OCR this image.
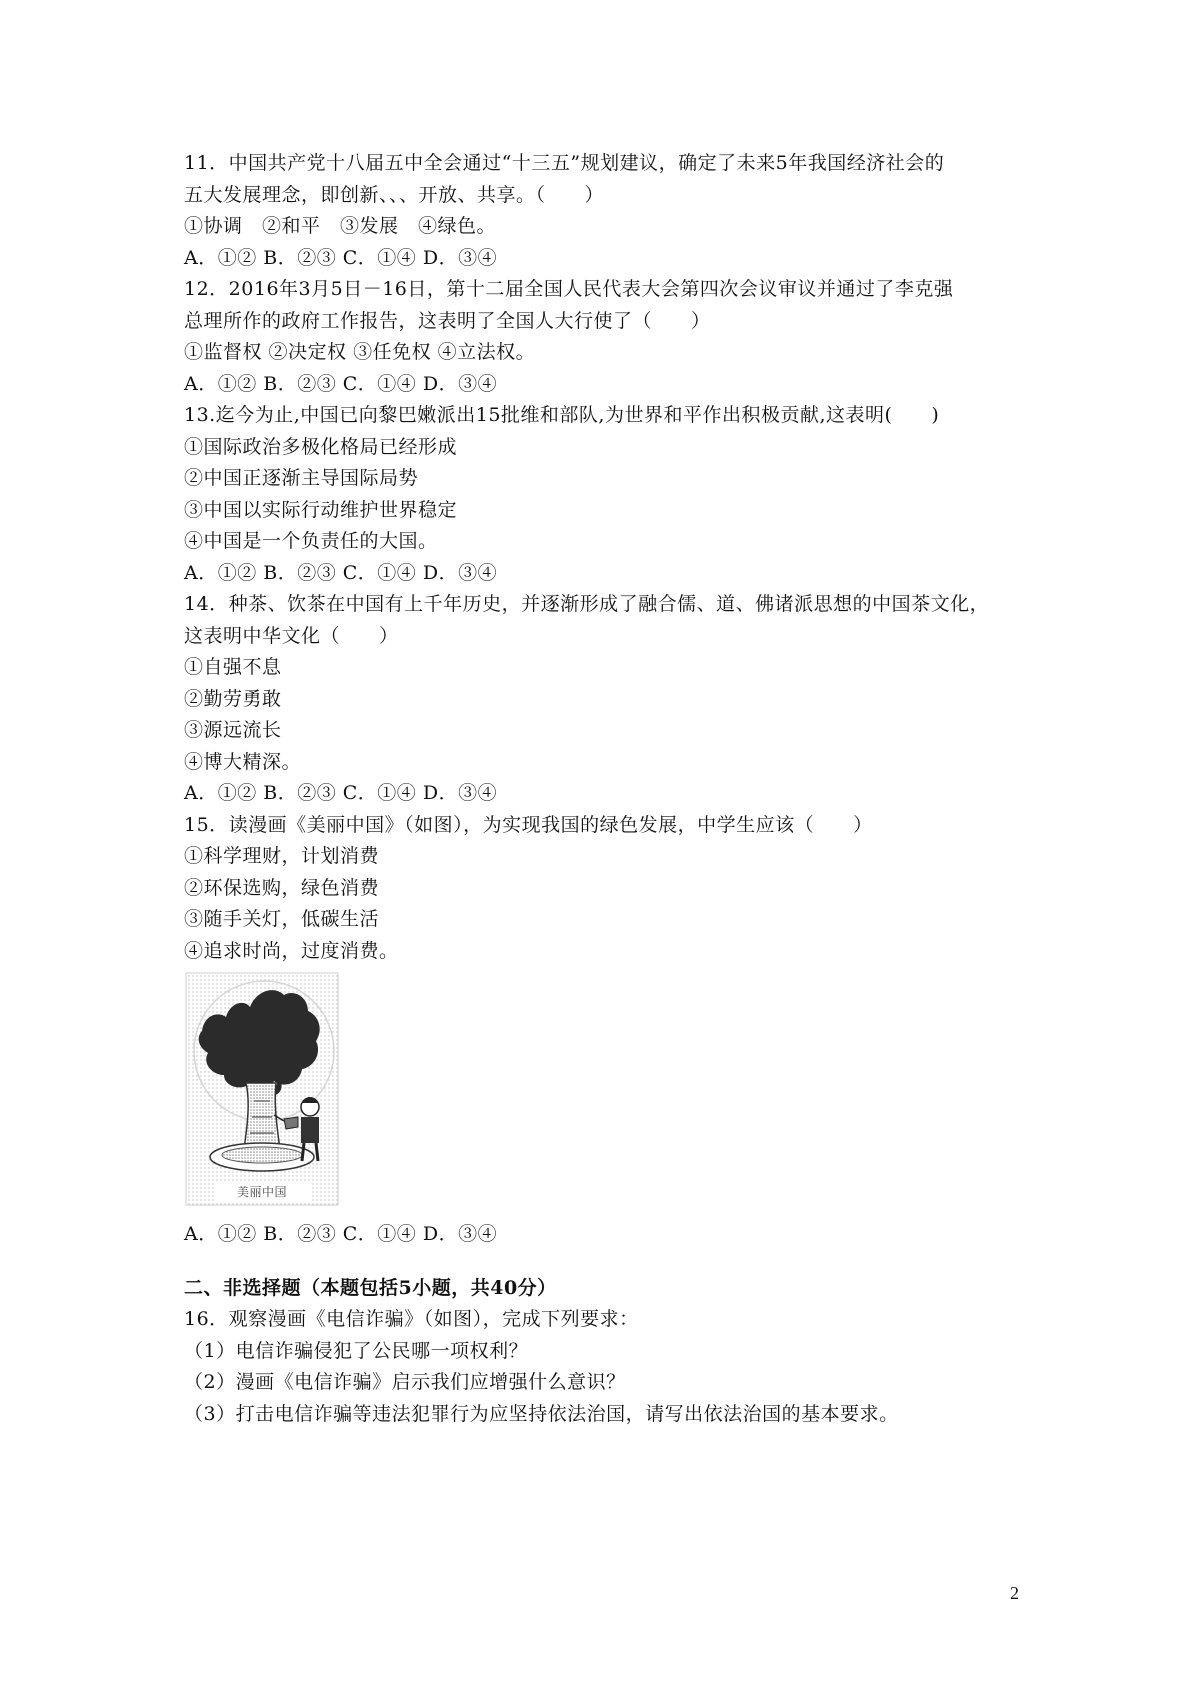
11．中国共产党十八届五中全会通过“十三五”规划建议，确定了未来5年我国经济社会的
五大发展理念，即创新、、、开放、共享。（　　）
①协调　②和平　③发展　④绿色。
A．①② B．②③ C．①④ D．③④
12．2016年3月5日－16日，第十二届全国人民代表大会第四次会议审议并通过了李克强
总理所作的政府工作报告，这表明了全国人大行使了（　　）
①监督权 ②决定权 ③任免权 ④立法权。
A．①② B．②③ C．①④ D．③④
13.迄今为止,中国已向黎巴嫩派出15批维和部队,为世界和平作出积极贡献,这表明(　　)
①国际政治多极化格局已经形成
②中国正逐渐主导国际局势
③中国以实际行动维护世界稳定
④中国是一个负责任的大国。
A．①② B．②③ C．①④ D．③④
14．种茶、饮茶在中国有上千年历史，并逐渐形成了融合儒、道、佛诸派思想的中国茶文化，
这表明中华文化（　　）
①自强不息
②勤劳勇敢
③源远流长
④博大精深。
A．①② B．②③ C．①④ D．③④
15．读漫画《美丽中国》（如图），为实现我国的绿色发展，中学生应该（　　）
①科学理财，计划消费
②环保选购，绿色消费
③随手关灯，低碳生活
④追求时尚，过度消费。
美丽中国
A．①② B．②③ C．①④ D．③④
二、非选择题（本题包括5小题，共40分）
16．观察漫画《电信诈骗》（如图），完成下列要求：
（1）电信诈骗侵犯了公民哪一项权利？
（2）漫画《电信诈骗》启示我们应增强什么意识？
（3）打击电信诈骗等违法犯罪行为应坚持依法治国，请写出依法治国的基本要求。
2
